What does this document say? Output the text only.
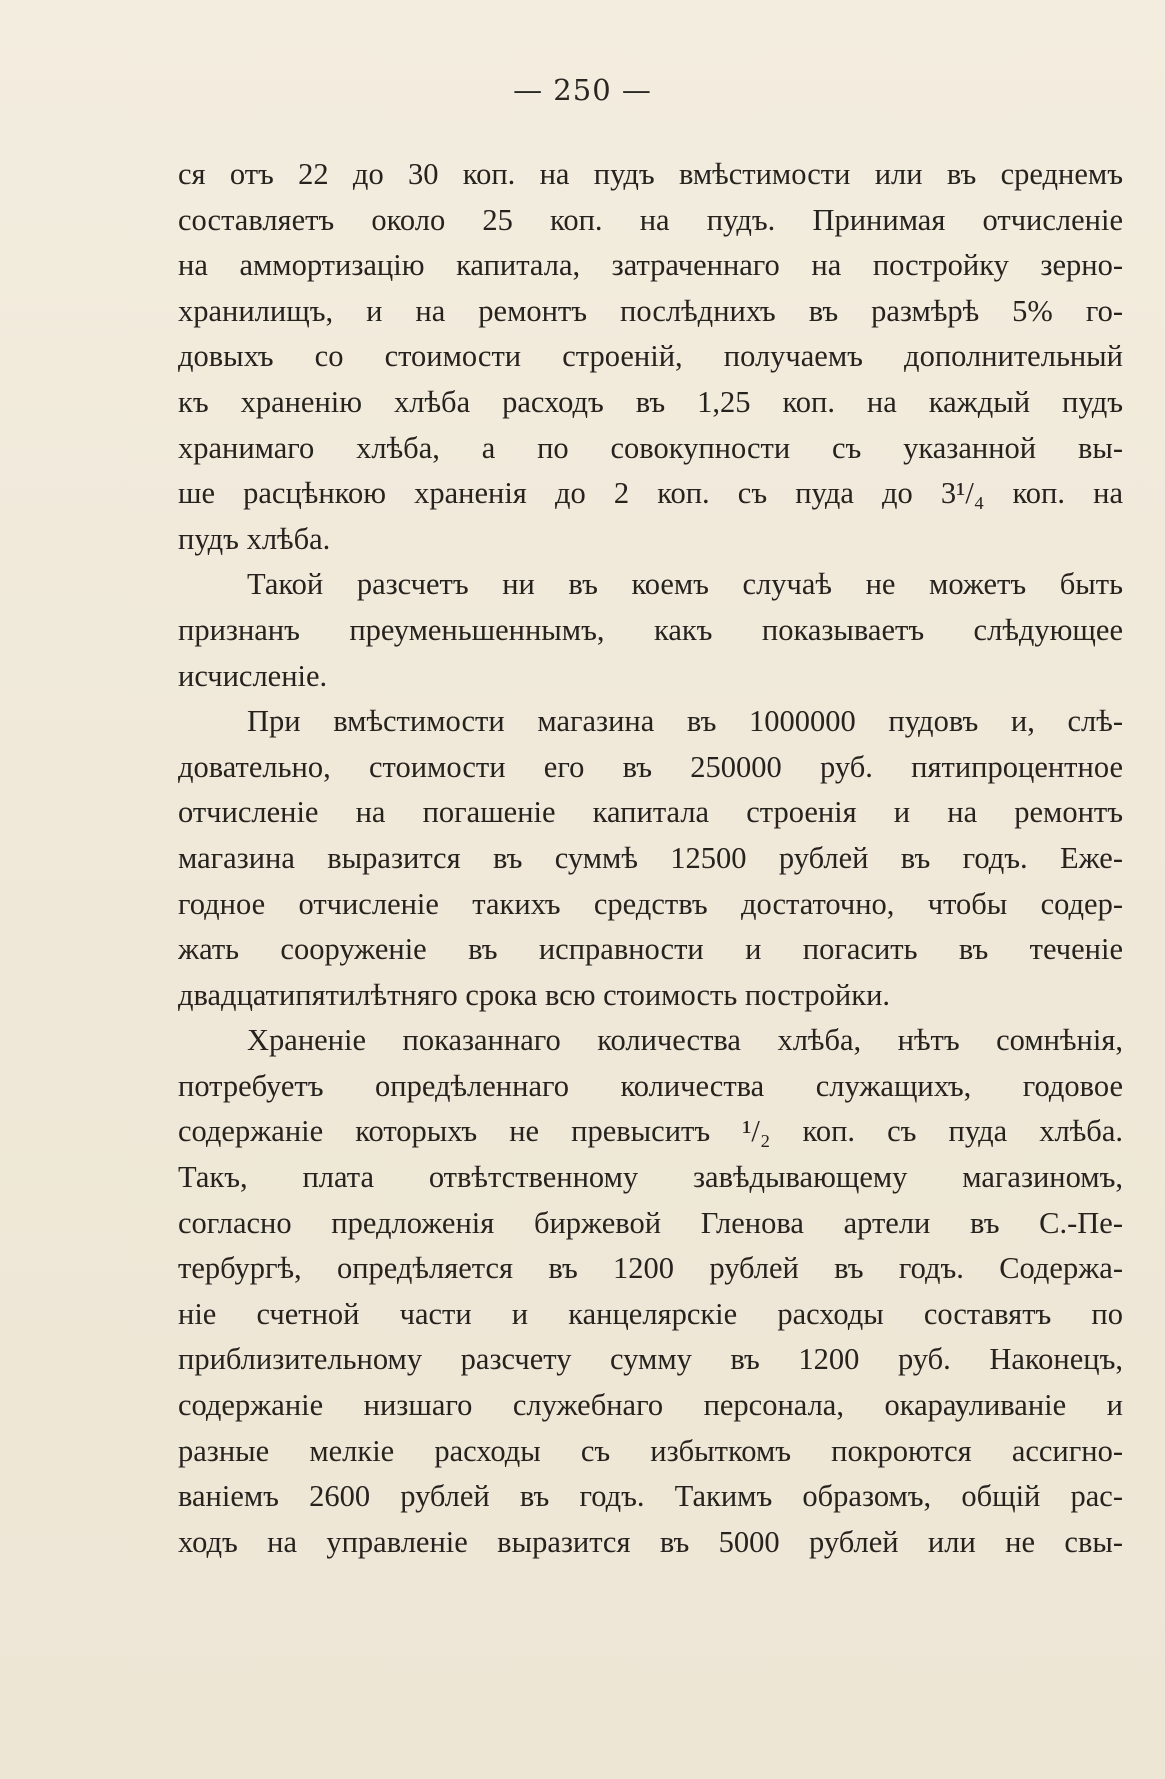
— 250 —
ся отъ 22 до 30 коп. на пудъ вмѣстимости или въ среднемъ
составляетъ около 25 коп. на пудъ. Принимая отчисленіе
на аммортизацію капитала, затраченнаго на постройку зерно-
хранилищъ, и на ремонтъ послѣднихъ въ размѣрѣ 5% го-
довыхъ со стоимости строеній, получаемъ дополнительный
къ храненію хлѣба расходъ въ 1,25 коп. на каждый пудъ
хранимаго хлѣба, а по совокупности съ указанной вы-
ше расцѣнкою храненія до 2 коп. съ пуда до 3¹/₄ коп. на
пудъ хлѣба.
Такой разсчетъ ни въ коемъ случаѣ не можетъ быть
признанъ преуменьшеннымъ, какъ показываетъ слѣдующее
исчисленіе.
При вмѣстимости магазина въ 1000000 пудовъ и, слѣ-
довательно, стоимости его въ 250000 руб. пятипроцентное
отчисленіе на погашеніе капитала строенія и на ремонтъ
магазина выразится въ суммѣ 12500 рублей въ годъ. Еже-
годное отчисленіе такихъ средствъ достаточно, чтобы содер-
жать сооруженіе въ исправности и погасить въ теченіе
двадцатипятилѣтняго срока всю стоимость постройки.
Храненіе показаннаго количества хлѣба, нѣтъ сомнѣнія,
потребуетъ опредѣленнаго количества служащихъ, годовое
содержаніе которыхъ не превыситъ ¹/₂ коп. съ пуда хлѣба.
Такъ, плата отвѣтственному завѣдывающему магазиномъ,
согласно предложенія биржевой Гленова артели въ С.-Пе-
тербургѣ, опредѣляется въ 1200 рублей въ годъ. Содержа-
ніе счетной части и канцелярскіе расходы составятъ по
приблизительному разсчету сумму въ 1200 руб. Наконецъ,
содержаніе низшаго служебнаго персонала, окарауливаніе и
разные мелкіе расходы съ избыткомъ покроются ассигно-
ваніемъ 2600 рублей въ годъ. Такимъ образомъ, общій рас-
ходъ на управленіе выразится въ 5000 рублей или не свы-
